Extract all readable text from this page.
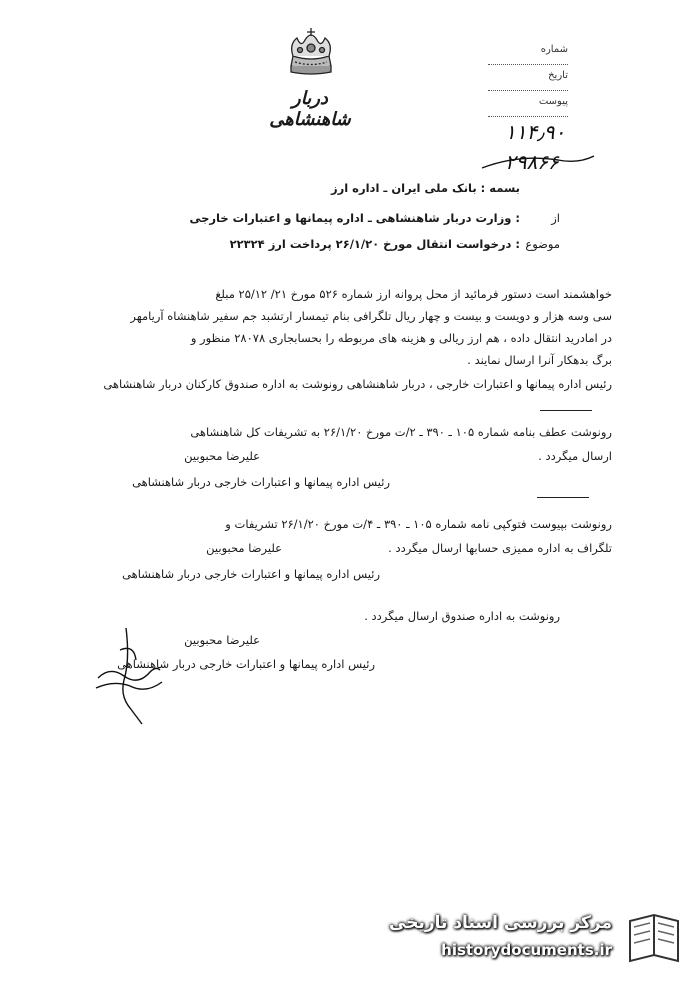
دربار شاهنشاهی
شماره
تاریخ
پیوست
۱۱۴٫۹۰
۲۹۸۶۶
بسمه : بانک ملی ایران ـ اداره ارز
از
: وزارت دربار شاهنشاهی ـ اداره پیمانها و اعتبارات خارجی
موضوع
: درخواست انتقال مورخ ۲۶/۱/۲۰ پرداخت ارز ۲۲۳۲۴
خواهشمند است دستور فرمائید از محل پروانه ارز شماره ۵۲۶ مورخ ۲۱/ ۲۵/۱۲ مبلغ
سی وسه هزار و دویست و بیست و چهار ریال تلگرافی بنام تیمسار ارتشبد جم سفیر شاهنشاه آریامهر
در امادرید انتقال داده ، هم ارز ریالی و هزینه های مربوطه را بحسابجاری ۲۸۰۷۸ منظور و
برگ بدهکار آنرا ارسال نمایند .
رئیس اداره پیمانها و اعتبارات خارجی ، دربار شاهنشاهی رونوشت به اداره صندوق کارکنان دربار شاهنشاهی
رونوشت عطف بنامه شماره ۱۰۵ ـ ۳۹۰ ـ ۲/ت مورخ ۲۶/۱/۲۰ به تشریفات کل شاهنشاهی
ارسال میگردد .
علیرضا محبوبین
رئیس اداره پیمانها و اعتبارات خارجی دربار شاهنشاهی
رونوشت بپیوست فتوکپی نامه شماره ۱۰۵ ـ ۳۹۰ ـ ۴/ت مورخ ۲۶/۱/۲۰ تشریفات و
تلگراف به اداره ممیزی حسابها ارسال میگردد .
علیرضا محبوبین
رئیس اداره پیمانها و اعتبارات خارجی دربار شاهنشاهی
رونوشت به اداره صندوق ارسال میگردد .
علیرضا محبوبین
رئیس اداره پیمانها و اعتبارات خارجی دربار شاهنشاهی
مرکز بررسی اسناد تاریخی
historydocuments.ir
